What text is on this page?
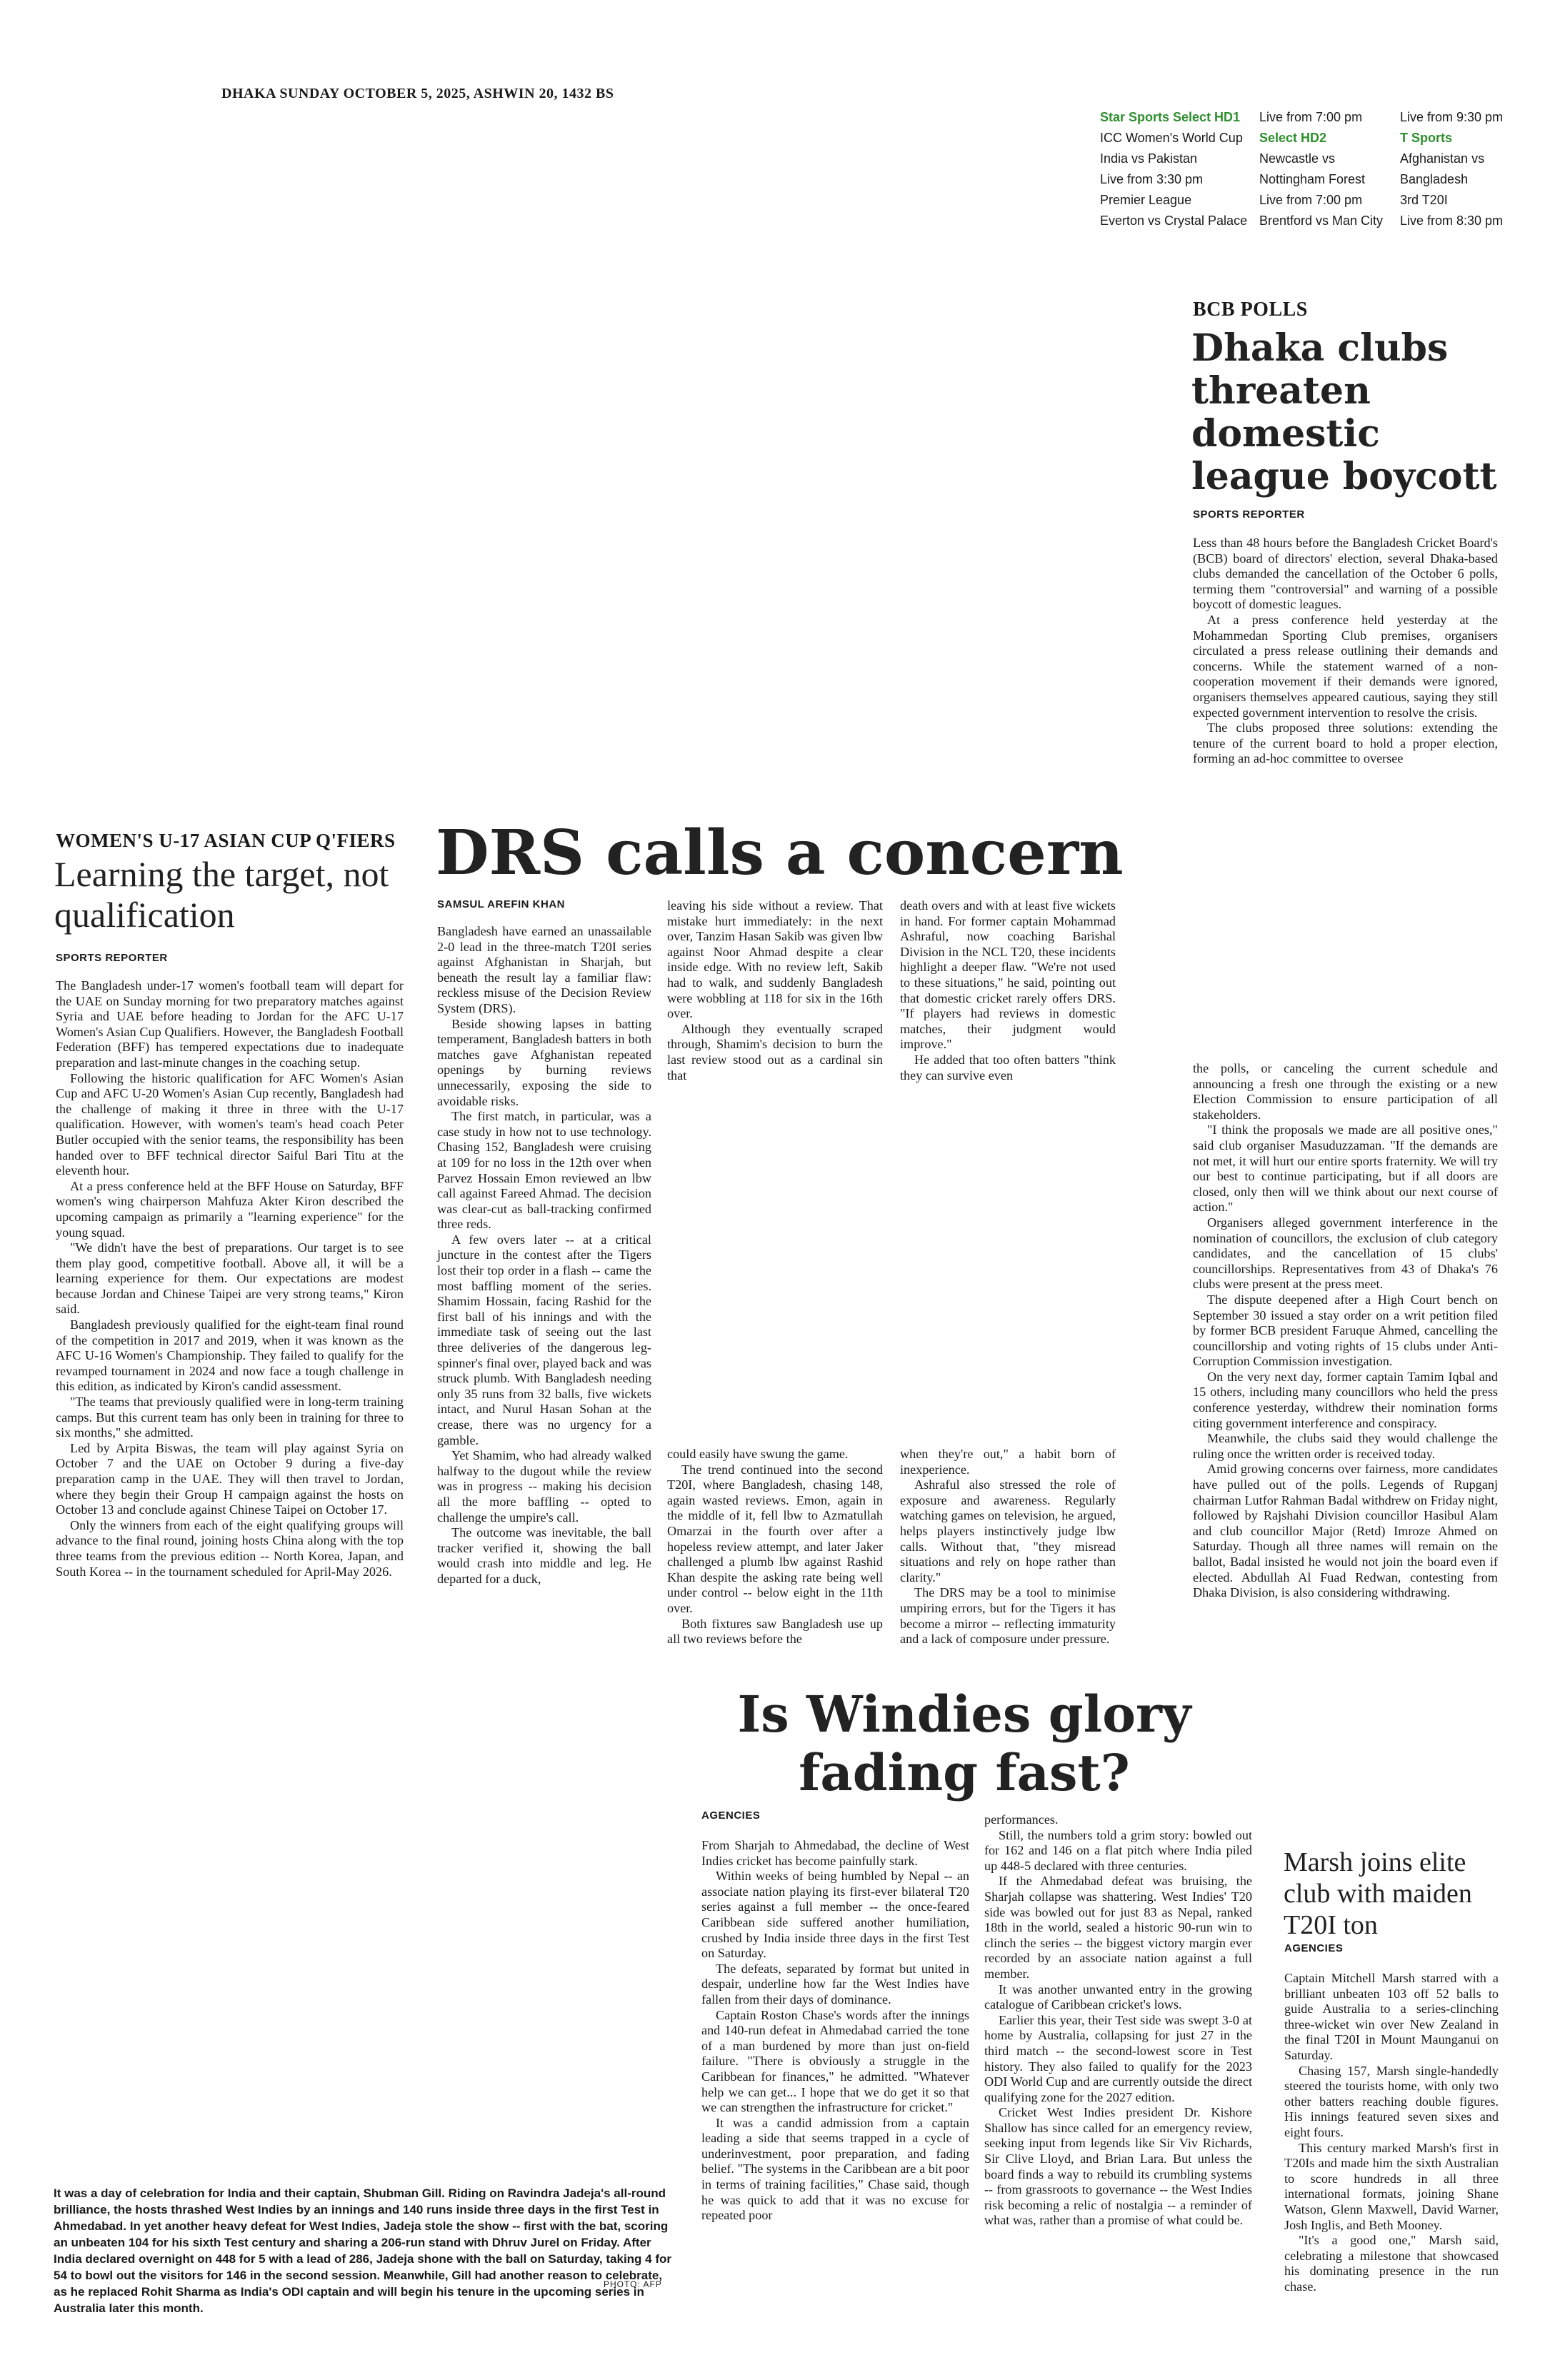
DHAKA SUNDAY OCTOBER 5, 2025, ASHWIN 20, 1432 BS
Star Sports Select HD1
ICC Women's World Cup
India vs Pakistan
Live from 3:30 pm
Premier League
Everton vs Crystal Palace
Live from 7:00 pm
Select HD2
Newcastle vs
Nottingham Forest
Live from 7:00 pm
Brentford vs Man City
Live from 9:30 pm
T Sports
Afghanistan vs
Bangladesh
3rd T20I
Live from 8:30 pm
BCB POLLS
Dhaka clubs threaten domestic league boycott
SPORTS REPORTER

Less than 48 hours before the Bangladesh Cricket Board's (BCB) board of directors' election, several Dhaka-based clubs demanded the cancellation of the October 6 polls, terming them "controversial" and warning of a possible boycott of domestic leagues.

At a press conference held yesterday at the Mohammedan Sporting Club premises, organisers circulated a press release outlining their demands and concerns. While the statement warned of a non-cooperation movement if their demands were ignored, organisers themselves appeared cautious, saying they still expected government intervention to resolve the crisis.

The clubs proposed three solutions: extending the tenure of the current board to hold a proper election, forming an ad-hoc committee to oversee

the polls, or canceling the current schedule and announcing a fresh one through the existing or a new Election Commission to ensure participation of all stakeholders.

"I think the proposals we made are all positive ones," said club organiser Masuduzzaman. "If the demands are not met, it will hurt our entire sports fraternity. We will try our best to continue participating, but if all doors are closed, only then will we think about our next course of action."

Organisers alleged government interference in the nomination of councillors, the exclusion of club category candidates, and the cancellation of 15 clubs' councillorships. Representatives from 43 of Dhaka's 76 clubs were present at the press meet.

The dispute deepened after a High Court bench on September 30 issued a stay order on a writ petition filed by former BCB president Faruque Ahmed, cancelling the councillorship and voting rights of 15 clubs under Anti-Corruption Commission investigation.

On the very next day, former captain Tamim Iqbal and 15 others, including many councillors who held the press conference yesterday, withdrew their nomination forms citing government interference and conspiracy.

Meanwhile, the clubs said they would challenge the ruling once the written order is received today.

Amid growing concerns over fairness, more candidates have pulled out of the polls. Legends of Rupganj chairman Lutfor Rahman Badal withdrew on Friday night, followed by Rajshahi Division councillor Hasibul Alam and club councillor Major (Retd) Imroze Ahmed on Saturday. Though all three names will remain on the ballot, Badal insisted he would not join the board even if elected. Abdullah Al Fuad Redwan, contesting from Dhaka Division, is also considering withdrawing.

WOMEN'S U-17 ASIAN CUP Q'FIERS
Learning the target, not qualification
SPORTS REPORTER

The Bangladesh under-17 women's football team will depart for the UAE on Sunday morning for two preparatory matches against Syria and UAE before heading to Jordan for the AFC U-17 Women's Asian Cup Qualifiers. However, the Bangladesh Football Federation (BFF) has tempered expectations due to inadequate preparation and last-minute changes in the coaching setup.

Following the historic qualification for AFC Women's Asian Cup and AFC U-20 Women's Asian Cup recently, Bangladesh had the challenge of making it three in three with the U-17 qualification. However, with women's team's head coach Peter Butler occupied with the senior teams, the responsibility has been handed over to BFF technical director Saiful Bari Titu at the eleventh hour.

At a press conference held at the BFF House on Saturday, BFF women's wing chairperson Mahfuza Akter Kiron described the upcoming campaign as primarily a "learning experience" for the young squad.

"We didn't have the best of preparations. Our target is to see them play good, competitive football. Above all, it will be a learning experience for them. Our expectations are modest because Jordan and Chinese Taipei are very strong teams," Kiron said.

Bangladesh previously qualified for the eight-team final round of the competition in 2017 and 2019, when it was known as the AFC U-16 Women's Championship. They failed to qualify for the revamped tournament in 2024 and now face a tough challenge in this edition, as indicated by Kiron's candid assessment.

"The teams that previously qualified were in long-term training camps. But this current team has only been in training for three to six months," she admitted.

Led by Arpita Biswas, the team will play against Syria on October 7 and the UAE on October 9 during a five-day preparation camp in the UAE. They will then travel to Jordan, where they begin their Group H campaign against the hosts on October 13 and conclude against Chinese Taipei on October 17.

Only the winners from each of the eight qualifying groups will advance to the final round, joining hosts China along with the top three teams from the previous edition -- North Korea, Japan, and South Korea -- in the tournament scheduled for April-May 2026.

DRS calls a concern
SAMSUL AREFIN KHAN

Bangladesh have earned an unassailable 2-0 lead in the three-match T20I series against Afghanistan in Sharjah, but beneath the result lay a familiar flaw: reckless misuse of the Decision Review System (DRS).

Beside showing lapses in batting temperament, Bangladesh batters in both matches gave Afghanistan repeated openings by burning reviews unnecessarily, exposing the side to avoidable risks.

The first match, in particular, was a case study in how not to use technology. Chasing 152, Bangladesh were cruising at 109 for no loss in the 12th over when Parvez Hossain Emon reviewed an lbw call against Fareed Ahmad. The decision was clear-cut as ball-tracking confirmed three reds.

A few overs later -- at a critical juncture in the contest after the Tigers lost their top order in a flash -- came the most baffling moment of the series. Shamim Hossain, facing Rashid for the first ball of his innings and with the immediate task of seeing out the last three deliveries of the dangerous leg-spinner's final over, played back and was struck plumb. With Bangladesh needing only 35 runs from 32 balls, five wickets intact, and Nurul Hasan Sohan at the crease, there was no urgency for a gamble.

Yet Shamim, who had already walked halfway to the dugout while the review was in progress -- making his decision all the more baffling -- opted to challenge the umpire's call.

The outcome was inevitable, the ball tracker verified it, showing the ball would crash into middle and leg. He departed for a duck,

leaving his side without a review. That mistake hurt immediately: in the next over, Tanzim Hasan Sakib was given lbw against Noor Ahmad despite a clear inside edge. With no review left, Sakib had to walk, and suddenly Bangladesh were wobbling at 118 for six in the 16th over.

Although they eventually scraped through, Shamim's decision to burn the last review stood out as a cardinal sin that

death overs and with at least five wickets in hand. For former captain Mohammad Ashraful, now coaching Barishal Division in the NCL T20, these incidents highlight a deeper flaw. "We're not used to these situations," he said, pointing out that domestic cricket rarely offers DRS. "If players had reviews in domestic matches, their judgment would improve."

He added that too often batters "think they can survive even

could easily have swung the game.

The trend continued into the second T20I, where Bangladesh, chasing 148, again wasted reviews. Emon, again in the middle of it, fell lbw to Azmatullah Omarzai in the fourth over after a hopeless review attempt, and later Jaker challenged a plumb lbw against Rashid Khan despite the asking rate being well under control -- below eight in the 11th over.

Both fixtures saw Bangladesh use up all two reviews before the

when they're out," a habit born of inexperience.

Ashraful also stressed the role of exposure and awareness. Regularly watching games on television, he argued, helps players instinctively judge lbw calls. Without that, "they misread situations and rely on hope rather than clarity."

The DRS may be a tool to minimise umpiring errors, but for the Tigers it has become a mirror -- reflecting immaturity and a lack of composure under pressure.

Is Windies glory
fading fast?
AGENCIES

From Sharjah to Ahmedabad, the decline of West Indies cricket has become painfully stark.

Within weeks of being humbled by Nepal -- an associate nation playing its first-ever bilateral T20 series against a full member -- the once-feared Caribbean side suffered another humiliation, crushed by India inside three days in the first Test on Saturday.

The defeats, separated by format but united in despair, underline how far the West Indies have fallen from their days of dominance.

Captain Roston Chase's words after the innings and 140-run defeat in Ahmedabad carried the tone of a man burdened by more than just on-field failure. "There is obviously a struggle in the Caribbean for finances," he admitted. "Whatever help we can get... I hope that we do get it so that we can strengthen the infrastructure for cricket."

It was a candid admission from a captain leading a side that seems trapped in a cycle of underinvestment, poor preparation, and fading belief. "The systems in the Caribbean are a bit poor in terms of training facilities," Chase said, though he was quick to add that it was no excuse for repeated poor

performances.

Still, the numbers told a grim story: bowled out for 162 and 146 on a flat pitch where India piled up 448-5 declared with three centuries.

If the Ahmedabad defeat was bruising, the Sharjah collapse was shattering. West Indies' T20 side was bowled out for just 83 as Nepal, ranked 18th in the world, sealed a historic 90-run win to clinch the series -- the biggest victory margin ever recorded by an associate nation against a full member.

It was another unwanted entry in the growing catalogue of Caribbean cricket's lows.

Earlier this year, their Test side was swept 3-0 at home by Australia, collapsing for just 27 in the third match -- the second-lowest score in Test history. They also failed to qualify for the 2023 ODI World Cup and are currently outside the direct qualifying zone for the 2027 edition.

Cricket West Indies president Dr. Kishore Shallow has since called for an emergency review, seeking input from legends like Sir Viv Richards, Sir Clive Lloyd, and Brian Lara. But unless the board finds a way to rebuild its crumbling systems -- from grassroots to governance -- the West Indies risk becoming a relic of nostalgia -- a reminder of what was, rather than a promise of what could be.

Marsh joins elite club with maiden T20I ton
AGENCIES

Captain Mitchell Marsh starred with a brilliant unbeaten 103 off 52 balls to guide Australia to a series-clinching three-wicket win over New Zealand in the final T20I in Mount Maunganui on Saturday.

Chasing 157, Marsh single-handedly steered the tourists home, with only two other batters reaching double figures. His innings featured seven sixes and eight fours.

This century marked Marsh's first in T20Is and made him the sixth Australian to score hundreds in all three international formats, joining Shane Watson, Glenn Maxwell, David Warner, Josh Inglis, and Beth Mooney.

"It's a good one," Marsh said, celebrating a milestone that showcased his dominating presence in the run chase.

It was a day of celebration for India and their captain, Shubman Gill. Riding on Ravindra Jadeja's all-round brilliance, the hosts thrashed West Indies by an innings and 140 runs inside three days in the first Test in Ahmedabad. In yet another heavy defeat for West Indies, Jadeja stole the show -- first with the bat, scoring an unbeaten 104 for his sixth Test century and sharing a 206-run stand with Dhruv Jurel on Friday. After India declared overnight on 448 for 5 with a lead of 286, Jadeja shone with the ball on Saturday, taking 4 for 54 to bowl out the visitors for 146 in the second session. Meanwhile, Gill had another reason to celebrate, as he replaced Rohit Sharma as India's ODI captain and will begin his tenure in the upcoming series in Australia later this month.
PHOTO: AFP
